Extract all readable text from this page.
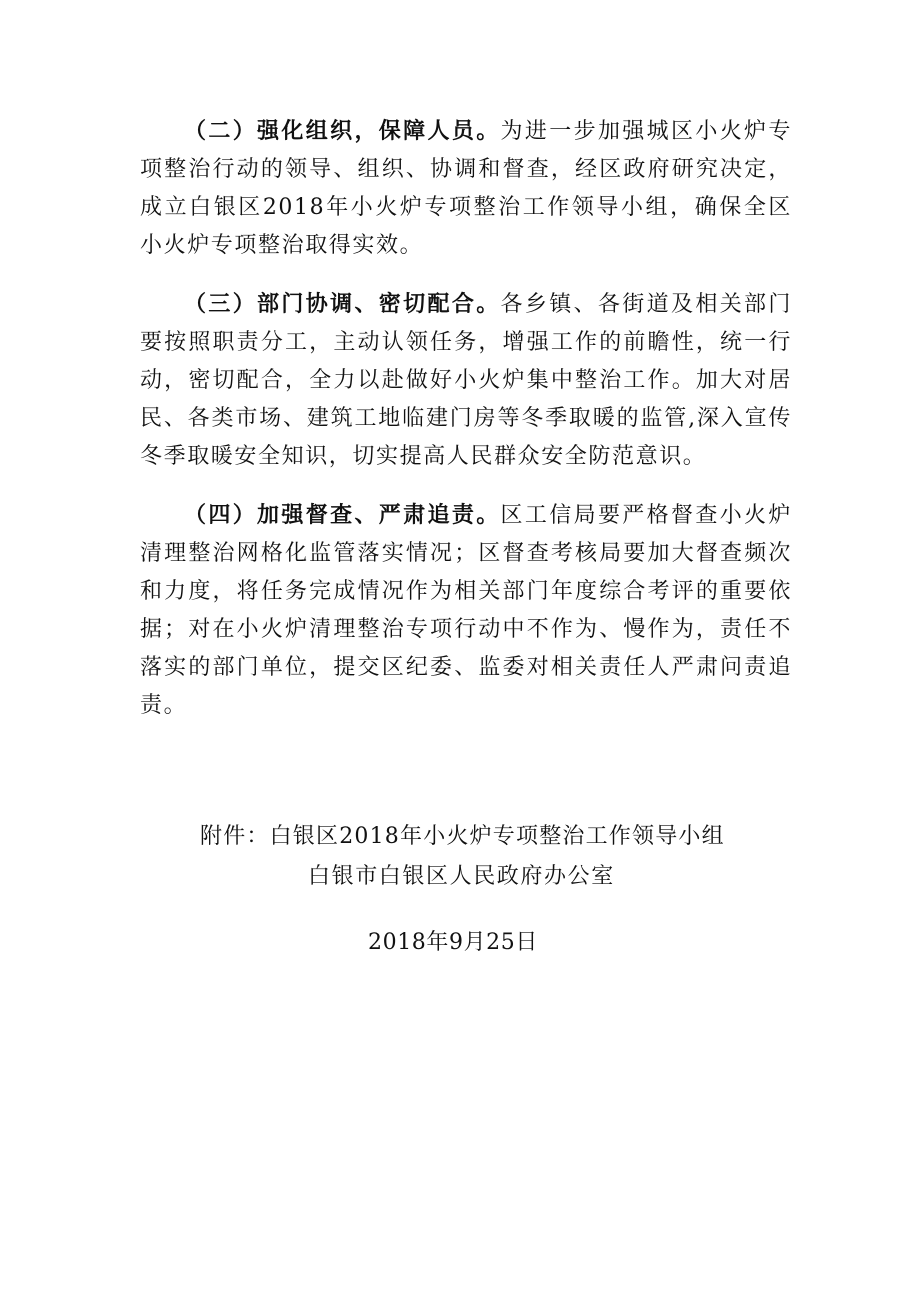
（二）强化组织，保障人员。为进一步加强城区小火炉专项整治行动的领导、组织、协调和督查，经区政府研究决定，成立白银区2018年小火炉专项整治工作领导小组，确保全区小火炉专项整治取得实效。

（三）部门协调、密切配合。各乡镇、各街道及相关部门要按照职责分工，主动认领任务，增强工作的前瞻性，统一行动，密切配合，全力以赴做好小火炉集中整治工作。加大对居民、各类市场、建筑工地临建门房等冬季取暖的监管,深入宣传冬季取暖安全知识，切实提高人民群众安全防范意识。

（四）加强督查、严肃追责。区工信局要严格督查小火炉清理整治网格化监管落实情况；区督查考核局要加大督查频次和力度，将任务完成情况作为相关部门年度综合考评的重要依据；对在小火炉清理整治专项行动中不作为、慢作为，责任不落实的部门单位，提交区纪委、监委对相关责任人严肃问责追责。

附件：白银区2018年小火炉专项整治工作领导小组
白银市白银区人民政府办公室
2018年9月25日
